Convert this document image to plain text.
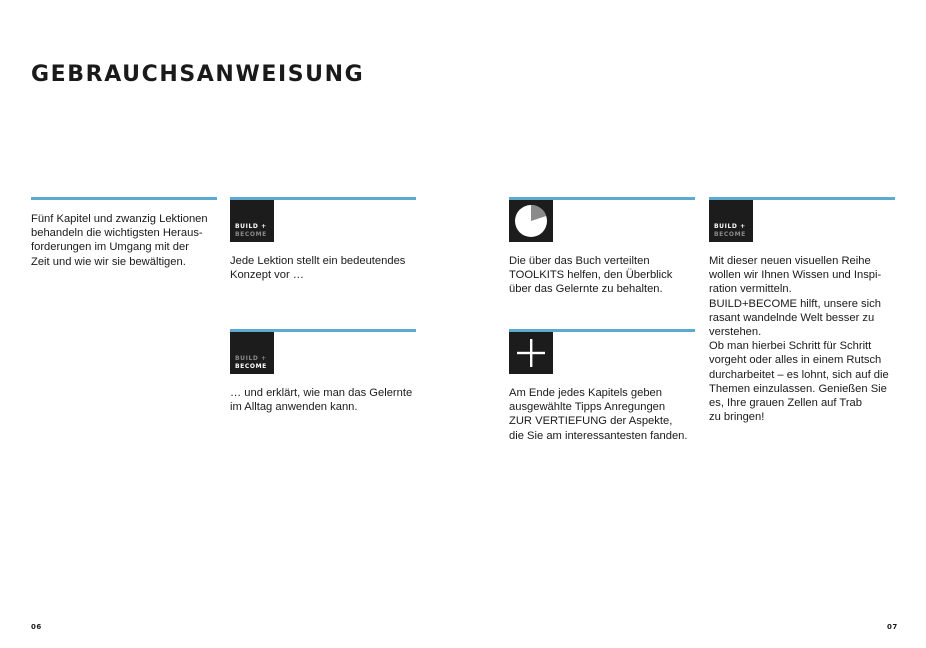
GEBRAUCHSANWEISUNG
Fünf Kapitel und zwanzig Lektionen
behandeln die wichtigsten Heraus-
forderungen im Umgang mit der
Zeit und wie wir sie bewältigen.
BUILD +
BECOME
Jede Lektion stellt ein bedeutendes
Konzept vor …
BUILD +
BECOME
… und erklärt, wie man das Gelernte
im Alltag anwenden kann.
Die über das Buch verteilten
TOOLKITS helfen, den Überblick
über das Gelernte zu behalten.
Am Ende jedes Kapitels geben
ausgewählte Tipps Anregungen
ZUR VERTIEFUNG der Aspekte,
die Sie am interessantesten fanden.
BUILD +
BECOME
Mit dieser neuen visuellen Reihe
wollen wir Ihnen Wissen und Inspi-
ration vermitteln.
BUILD+BECOME hilft, unsere sich
rasant wandelnde Welt besser zu
verstehen.
Ob man hierbei Schritt für Schritt
vorgeht oder alles in einem Rutsch
durcharbeitet – es lohnt, sich auf die
Themen einzulassen. Genießen Sie
es, Ihre grauen Zellen auf Trab
zu bringen!
06	07
